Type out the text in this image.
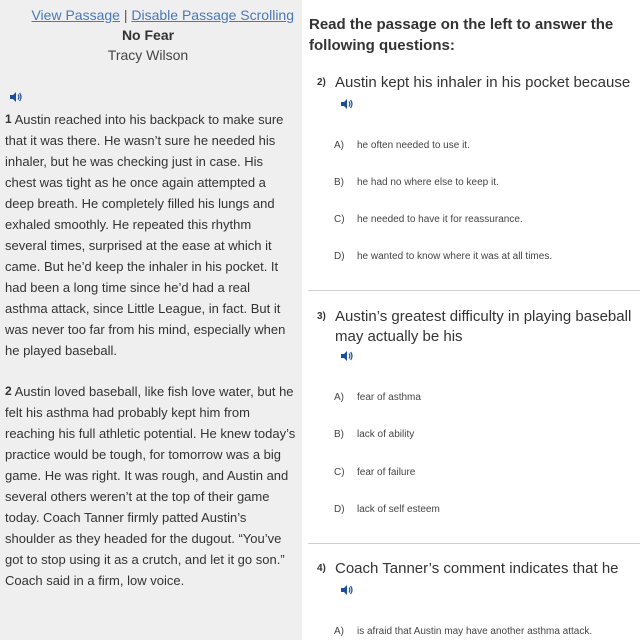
View Passage | Disable Passage Scrolling
No Fear
Tracy Wilson
1 Austin reached into his backpack to make sure that it was there. He wasn’t sure he needed his inhaler, but he was checking just in case. His chest was tight as he once again attempted a deep breath. He completely filled his lungs and exhaled smoothly. He repeated this rhythm several times, surprised at the ease at which it came. But he’d keep the inhaler in his pocket. It had been a long time since he’d had a real asthma attack, since Little League, in fact. But it was never too far from his mind, especially when he played baseball.
2 Austin loved baseball, like fish love water, but he felt his asthma had probably kept him from reaching his full athletic potential. He knew today’s practice would be tough, for tomorrow was a big game. He was right. It was rough, and Austin and several others weren’t at the top of their game today. Coach Tanner firmly patted Austin’s shoulder as they headed for the dugout. “You’ve got to stop using it as a crutch, and let it go son.” Coach said in a firm, low voice.
Read the passage on the left to answer the following questions:
2) Austin kept his inhaler in his pocket because
A) he often needed to use it.
B) he had no where else to keep it.
C) he needed to have it for reassurance.
D) he wanted to know where it was at all times.
3) Austin’s greatest difficulty in playing baseball may actually be his
A) fear of asthma
B) lack of ability
C) fear of failure
D) lack of self esteem
4) Coach Tanner’s comment indicates that he
A) is afraid that Austin may have another asthma attack.
